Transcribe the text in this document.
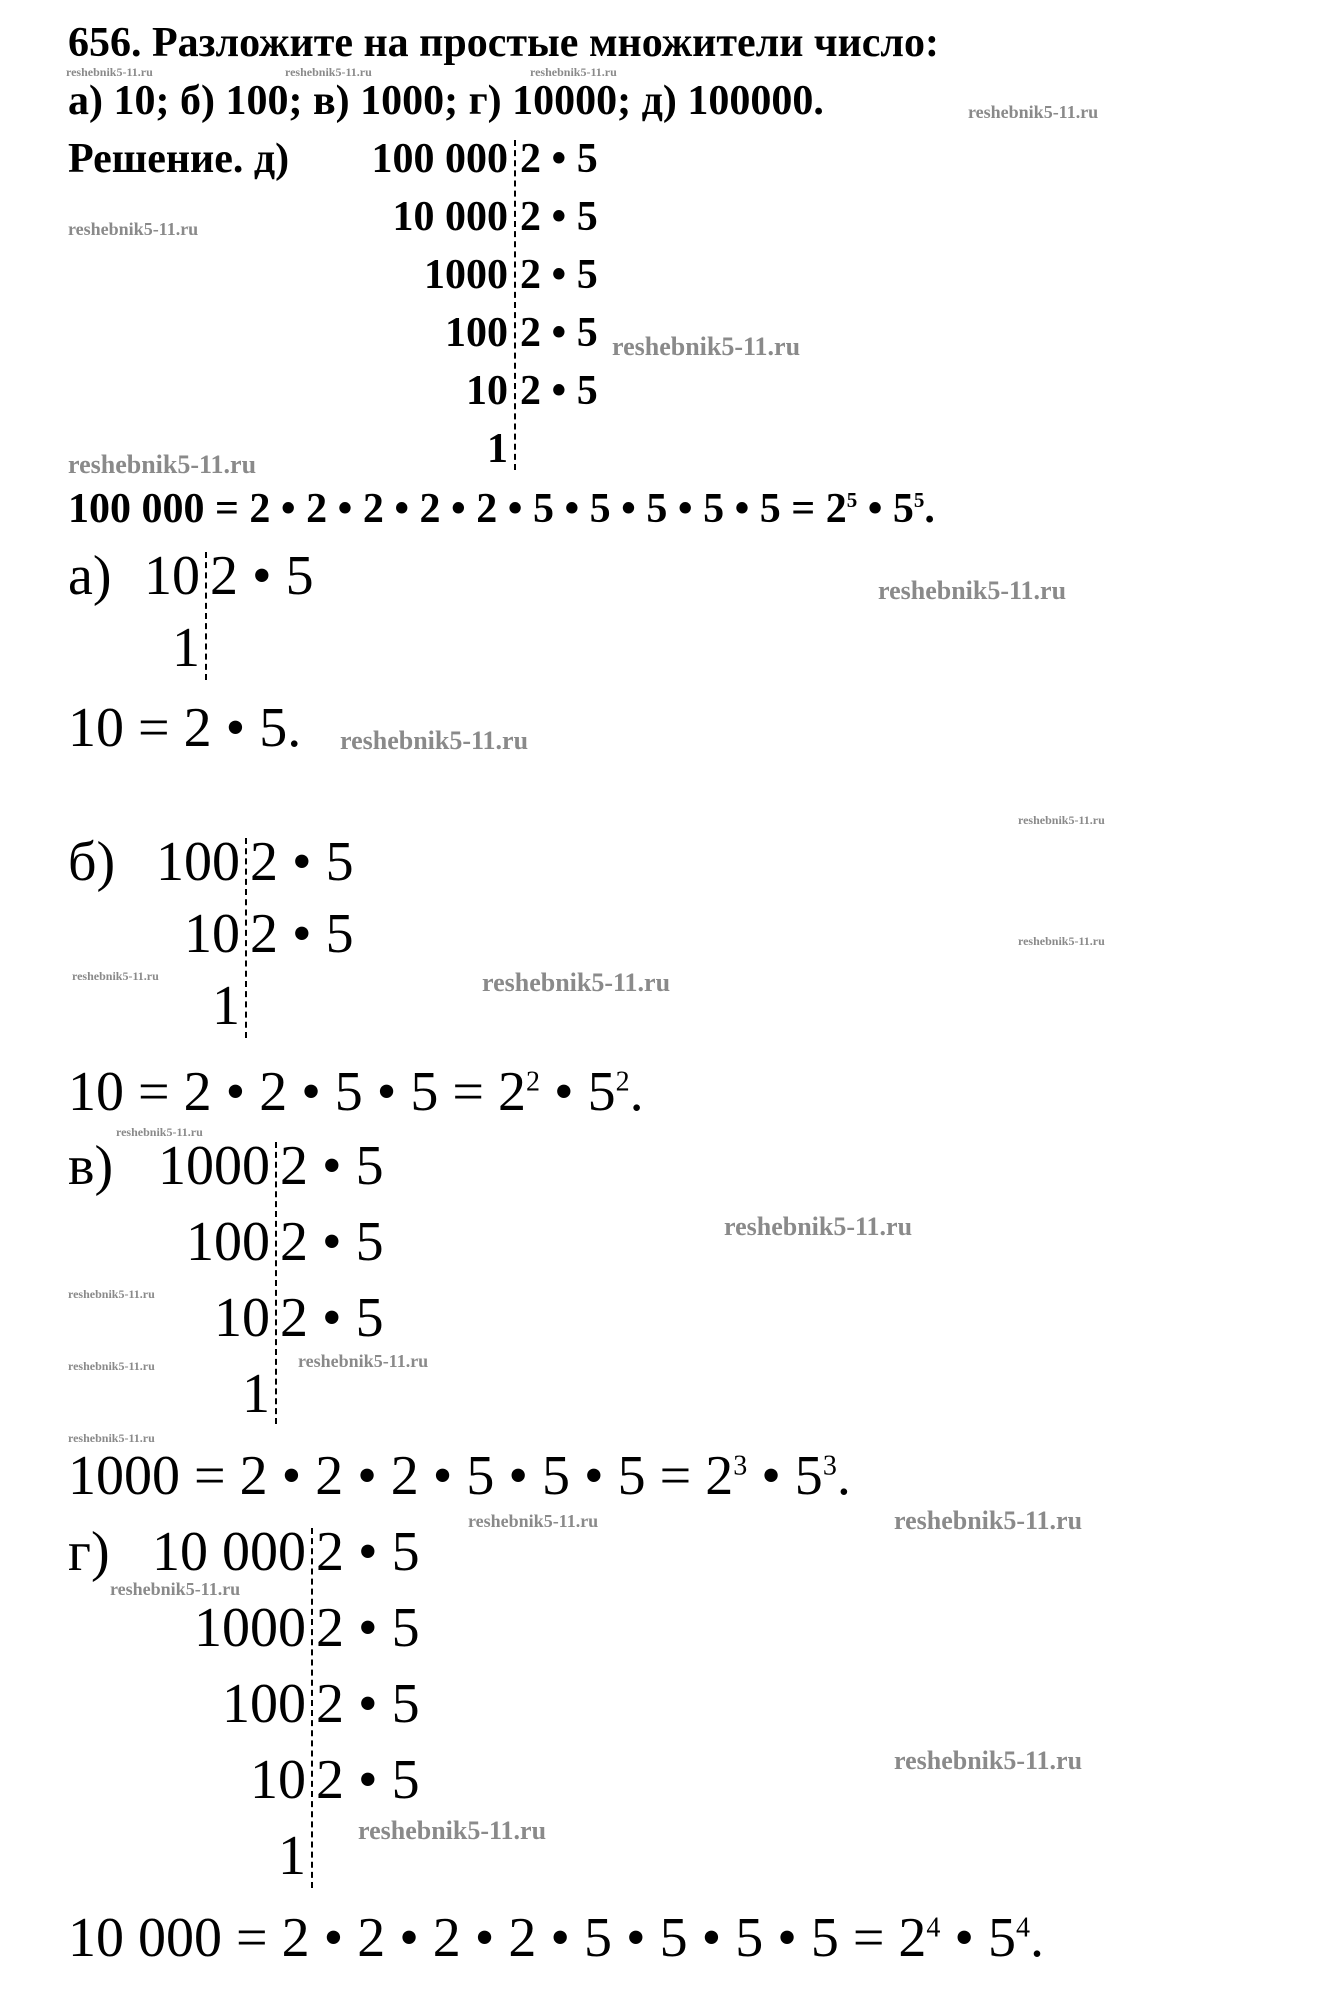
656. Разложите на простые множители число:
а) 10; б) 100; в) 1000; г) 10000; д) 100000.
Решение. д)	100 000 2 • 5
10 000 2 • 5
1000 2 • 5
100 2 • 5
10 2 • 5
1
100 000 = 2 • 2 • 2 • 2 • 2 • 5 • 5 • 5 • 5 • $5 = 2^5$ • $5^5$.
а) 10 2 • 5
1
10 = 2 • 5.
б) 100 2 • 5
10 2 • 5
1
10 = 2 • 2 • 5 • $5 = 2^2$ • $5^2$.
в) 1000 2 • 5
100 2 • 5
10 2 • 5
1
1000 = 2 • 2 • 2 • 5 • 5 • $5 = 2^3$ • $5^3$.
г) 10 000 2 • 5
1000 2 • 5
100 2 • 5
10 2 • 5
1
10 000 = 2 • 2 • 2 • 2 • 5 • 5 • 5 • $5 = 2^4$ • $5^4$.
reshebnik5-11.ru	reshebnik5-11.ru	reshebnik5-11.ru
reshebnik5-11.ru
reshebnik5-11.ru
reshebnik5-11.ru
reshebnik5-11.ru
reshebnik5-11.ru
reshebnik5-11.ru
reshebnik5-11.ru
reshebnik5-11.ru
reshebnik5-11.ru	reshebnik5-11.ru
reshebnik5-11.ru
reshebnik5-11.ru
reshebnik5-11.ru
reshebnik5-11.ru	reshebnik5-11.ru
reshebnik5-11.ru
reshebnik5-11.ru	reshebnik5-11.ru
reshebnik5-11.ru
reshebnik5-11.ru
reshebnik5-11.ru
